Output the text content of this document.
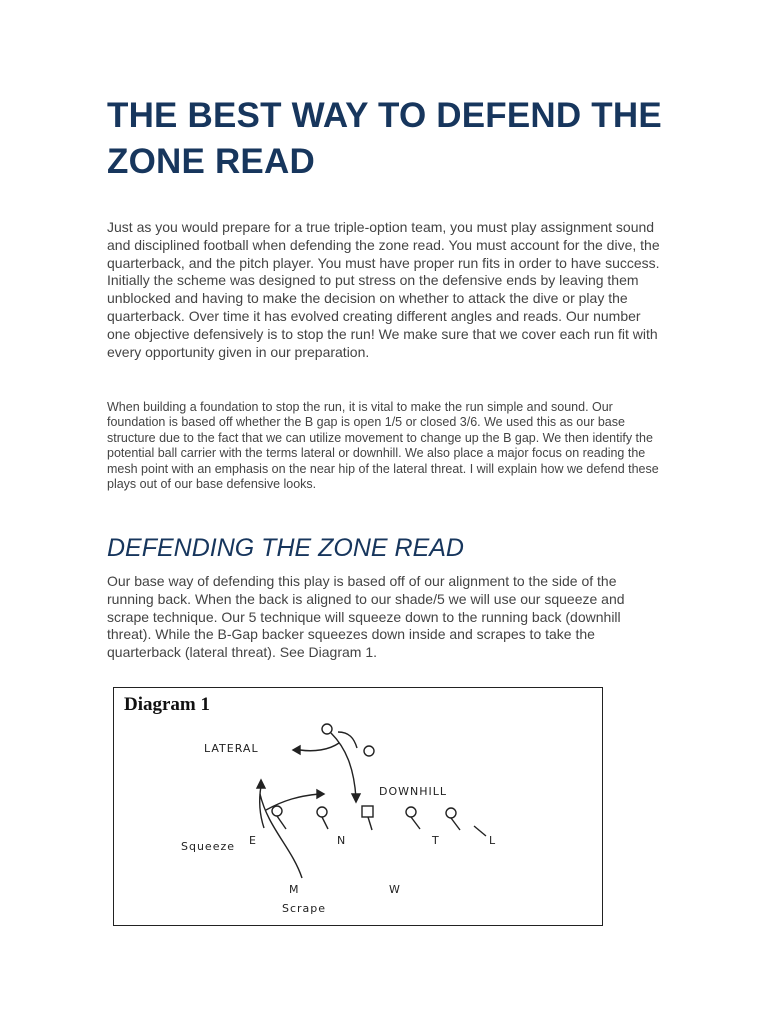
THE BEST WAY TO DEFEND THE ZONE READ

Just as you would prepare for a true triple-option team, you must play assignment sound and disciplined football when defending the zone read. You must account for the dive, the quarterback, and the pitch player. You must have proper run fits in order to have success. Initially the scheme was designed to put stress on the defensive ends by leaving them unblocked and having to make the decision on whether to attack the dive or play the quarterback. Over time it has evolved creating different angles and reads. Our number one objective defensively is to stop the run! We make sure that we cover each run fit with every opportunity given in our preparation.

When building a foundation to stop the run, it is vital to make the run simple and sound. Our foundation is based off whether the B gap is open 1/5 or closed 3/6. We used this as our base structure due to the fact that we can utilize movement to change up the B gap. We then identify the potential ball carrier with the terms lateral or downhill. We also place a major focus on reading the mesh point with an emphasis on the near hip of the lateral threat. I will explain how we defend these plays out of our base defensive looks.

DEFENDING THE ZONE READ

Our base way of defending this play is based off of our alignment to the side of the running back. When the back is aligned to our shade/5 we will use our squeeze and scrape technique. Our 5 technique will squeeze down to the running back (downhill threat). While the B-Gap backer squeezes down inside and scrapes to take the quarterback (lateral threat). See Diagram 1.

Diagram 1
LATERAL
DOWNHILL
Squeeze E	N	T	L
M	W
Scrape
